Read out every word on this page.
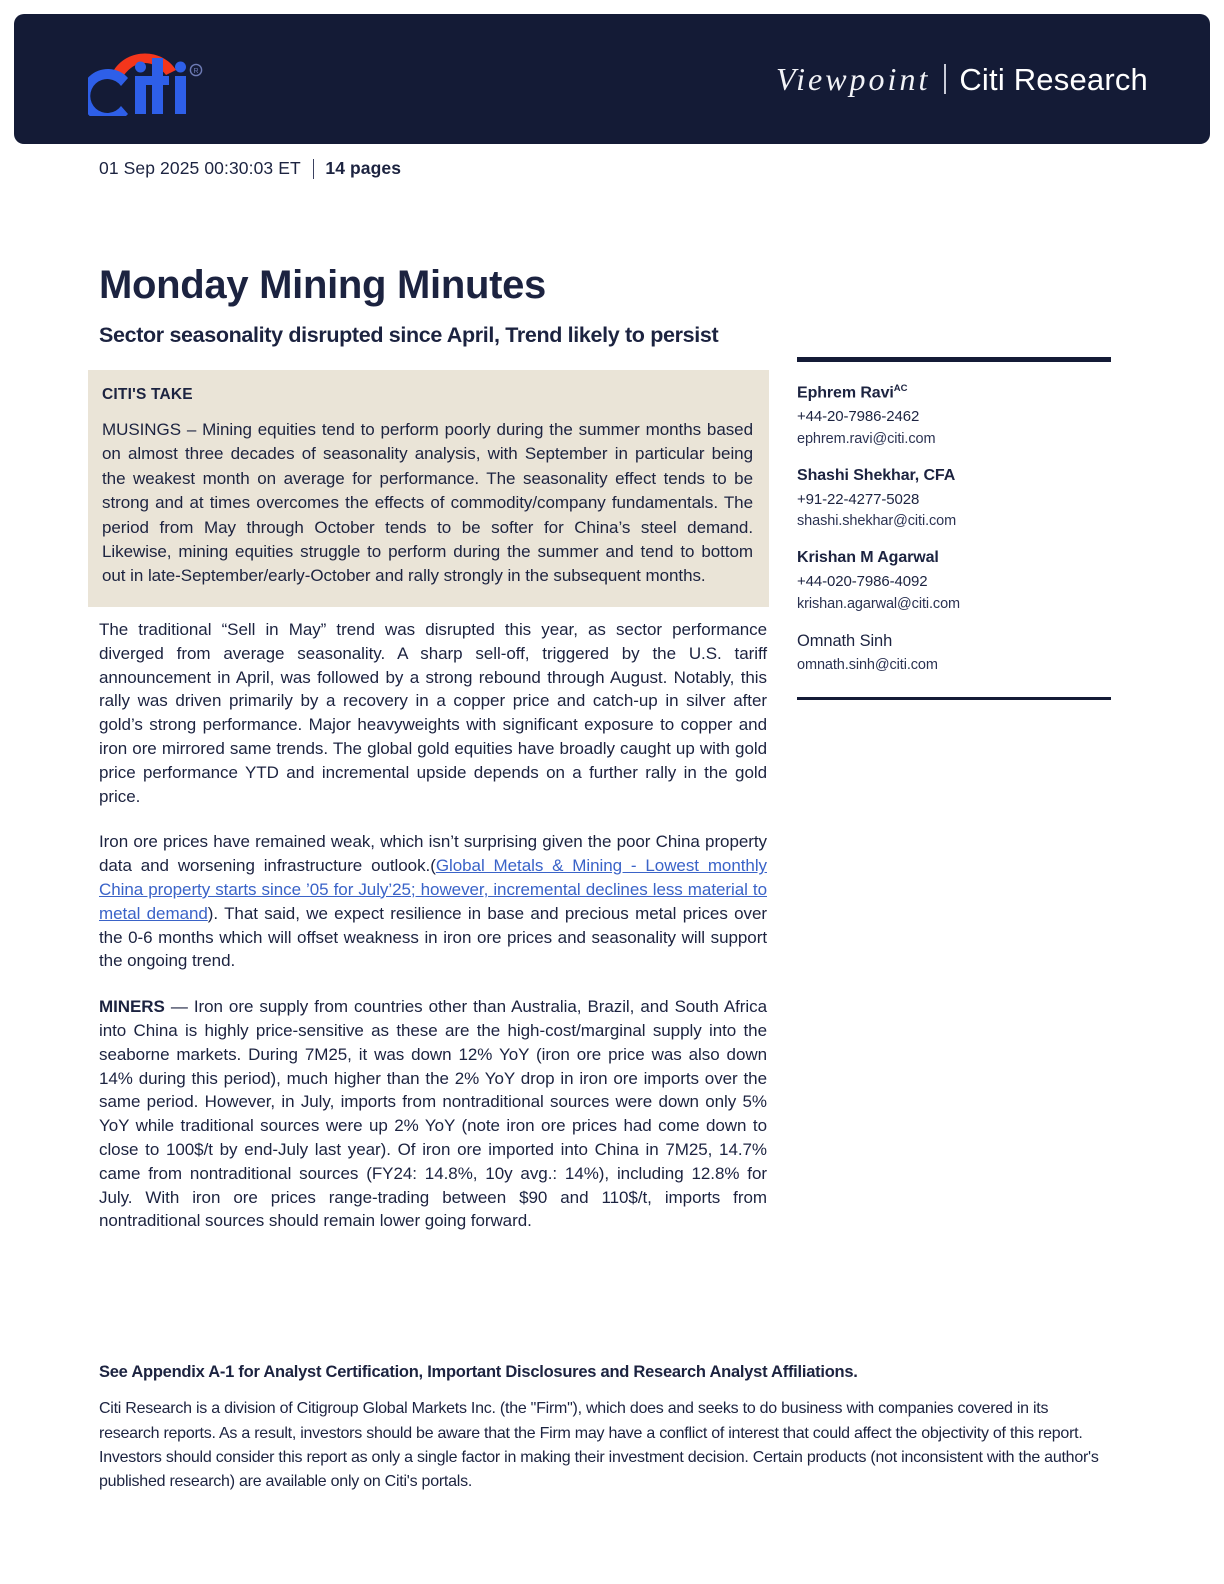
R	Viewpoint Citi Research
01 Sep 2025 00:30:03 ET 14 pages
Monday Mining Minutes
Sector seasonality disrupted since April, Trend likely to persist
CITI'S TAKE

MUSINGS – Mining equities tend to perform poorly during the summer months based on almost three decades of seasonality analysis, with September in particular being the weakest month on average for performance. The seasonality effect tends to be strong and at times overcomes the effects of commodity/company fundamentals. The period from May through October tends to be softer for China’s steel demand. Likewise, mining equities struggle to perform during the summer and tend to bottom out in late-September/early-October and rally strongly in the subsequent months.

The traditional “Sell in May” trend was disrupted this year, as sector performance diverged from average seasonality. A sharp sell-off, triggered by the U.S. tariff announcement in April, was followed by a strong rebound through August. Notably, this rally was driven primarily by a recovery in a copper price and catch-up in silver after gold’s strong performance. Major heavyweights with significant exposure to copper and iron ore mirrored same trends. The global gold equities have broadly caught up with gold price performance YTD and incremental upside depends on a further rally in the gold price.

Iron ore prices have remained weak, which isn’t surprising given the poor China property data and worsening infrastructure outlook.(Global Metals & Mining - Lowest monthly China property starts since ’05 for July’25; however, incremental declines less material to metal demand). That said, we expect resilience in base and precious metal prices over the 0-6 months which will offset weakness in iron ore prices and seasonality will support the ongoing trend.

MINERS — Iron ore supply from countries other than Australia, Brazil, and South Africa into China is highly price-sensitive as these are the high-cost/marginal supply into the seaborne markets. During 7M25, it was down 12% YoY (iron ore price was also down 14% during this period), much higher than the 2% YoY drop in iron ore imports over the same period. However, in July, imports from nontraditional sources were down only 5% YoY while traditional sources were up 2% YoY (note iron ore prices had come down to close to 100$/t by end-July last year). Of iron ore imported into China in 7M25, 14.7% came from nontraditional sources (FY24: 14.8%, 10y avg.: 14%), including 12.8% for July. With iron ore prices range-trading between $90 and 110$/t, imports from nontraditional sources should remain lower going forward.

Ephrem Ravi$^{AC}$
+44-20-7986-2462
ephrem.ravi@citi.com
Shashi Shekhar, CFA
+91-22-4277-5028
shashi.shekhar@citi.com
Krishan M Agarwal
+44-020-7986-4092
krishan.agarwal@citi.com
Omnath Sinh
omnath.sinh@citi.com

See Appendix A-1 for Analyst Certification, Important Disclosures and Research Analyst Affiliations.

Citi Research is a division of Citigroup Global Markets Inc. (the "Firm"), which does and seeks to do business with companies covered in its research reports. As a result, investors should be aware that the Firm may have a conflict of interest that could affect the objectivity of this report. Investors should consider this report as only a single factor in making their investment decision. Certain products (not inconsistent with the author's published research) are available only on Citi's portals.
